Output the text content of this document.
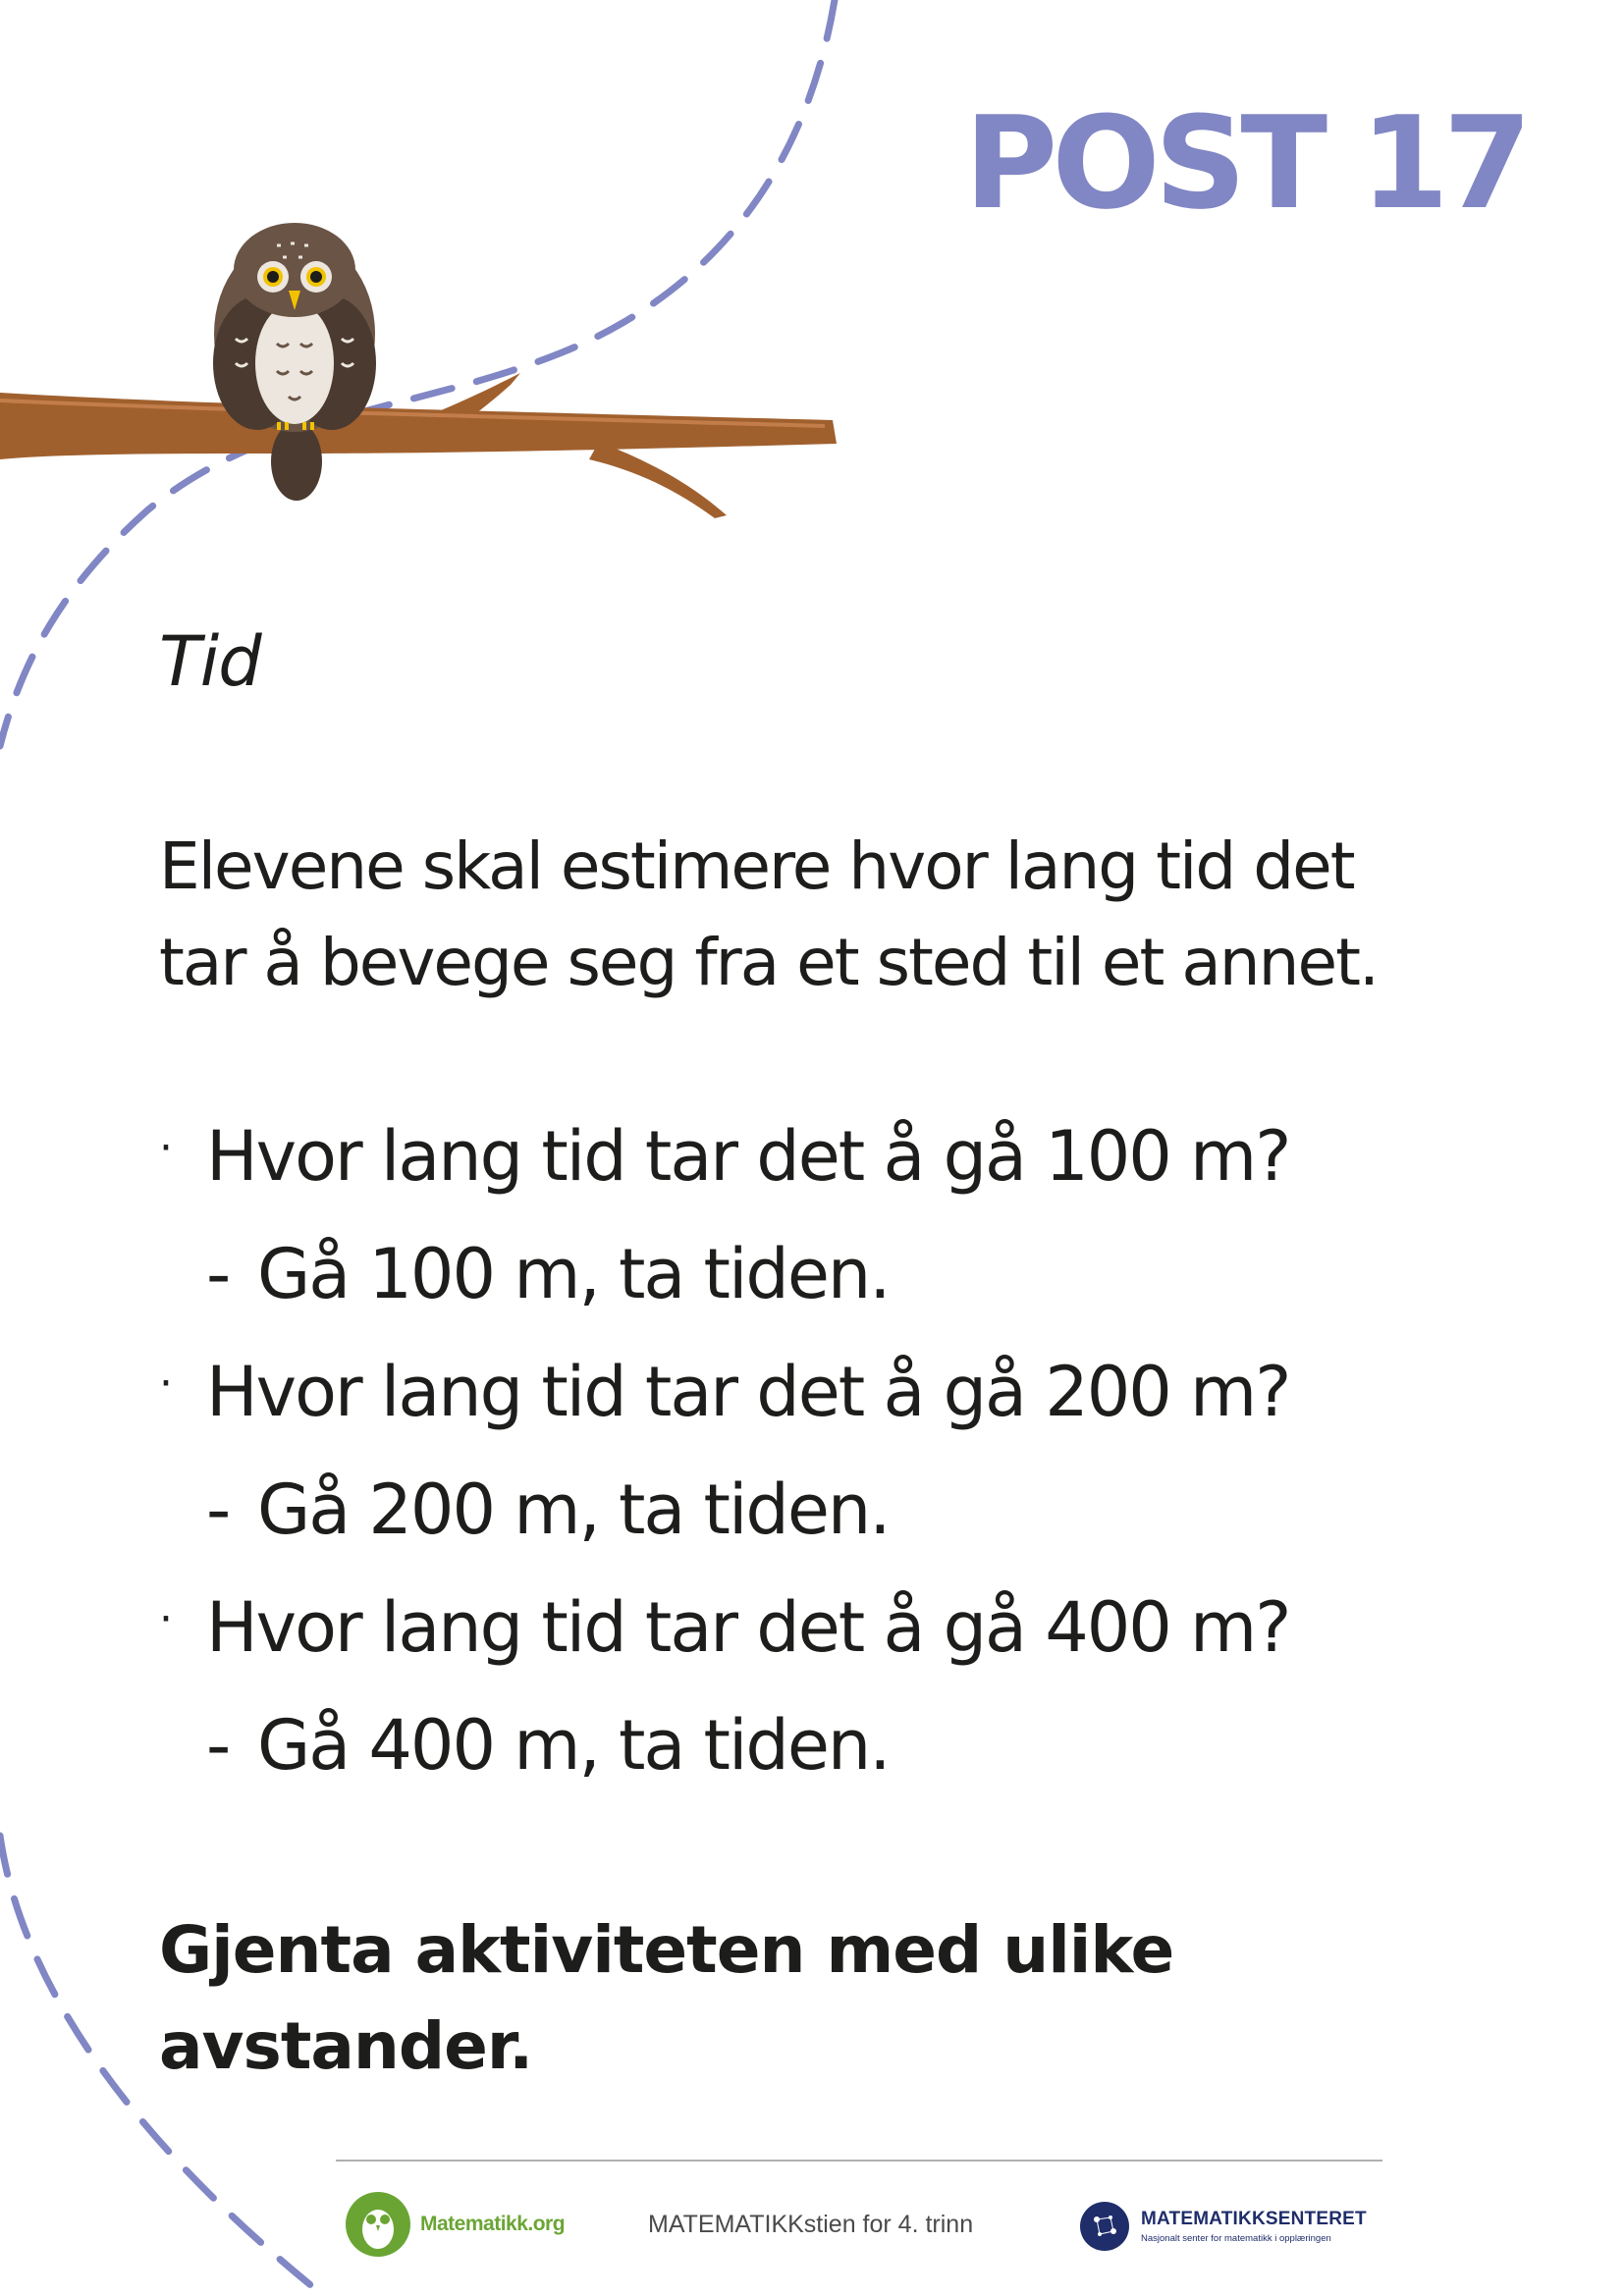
POST 17
Tid

Elevene skal estimere hvor lang tid det
tar å bevege seg fra et sted til et annet.

· Hvor lang tid tar det å gå 100 m?
- Gå 100 m, ta tiden.
· Hvor lang tid tar det å gå 200 m?
- Gå 200 m, ta tiden.
· Hvor lang tid tar det å gå 400 m?
- Gå 400 m, ta tiden.

Gjenta aktiviteten med ulike
avstander.

Matematikk.org	MATEMATIKKstien for 4. trinn	MATEMATIKKSENTERET
Nasjonalt senter for matematikk i opplæringen
